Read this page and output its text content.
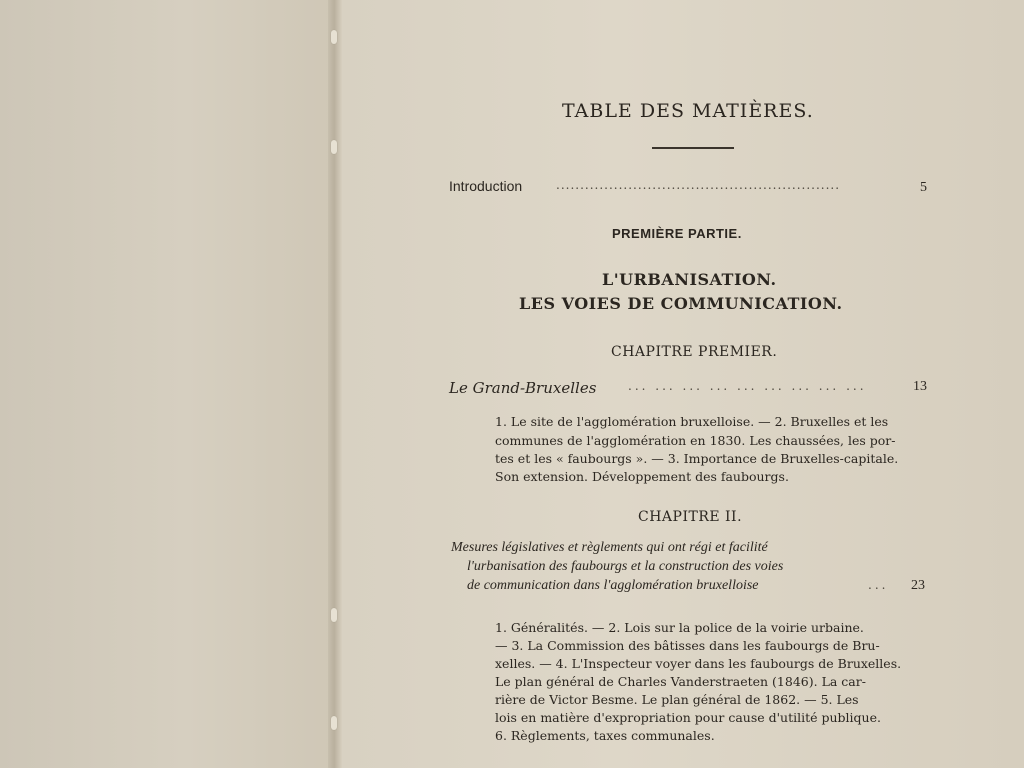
TABLE DES MATIÈRES.
Introduction	...........................................................	5
PREMIÈRE PARTIE.
L'URBANISATION.
LES VOIES DE COMMUNICATION.
CHAPITRE PREMIER.
Le Grand-Bruxelles	... ... ... ... ... ... ... ... ...	13
1. Le site de l'agglomération bruxelloise. — 2. Bruxelles et les
communes de l'agglomération en 1830. Les chaussées, les por-
tes et les « faubourgs ». — 3. Importance de Bruxelles-capitale.
Son extension. Développement des faubourgs.
CHAPITRE II.
Mesures législatives et règlements qui ont régi et facilité
l'urbanisation des faubourgs et la construction des voies
de communication dans l'agglomération bruxelloise	... 23
1. Généralités. — 2. Lois sur la police de la voirie urbaine.
— 3. La Commission des bâtisses dans les faubourgs de Bru-
xelles. — 4. L'Inspecteur voyer dans les faubourgs de Bruxelles.
Le plan général de Charles Vanderstraeten (1846). La car-
rière de Victor Besme. Le plan général de 1862. — 5. Les
lois en matière d'expropriation pour cause d'utilité publique.
6. Règlements, taxes communales.
